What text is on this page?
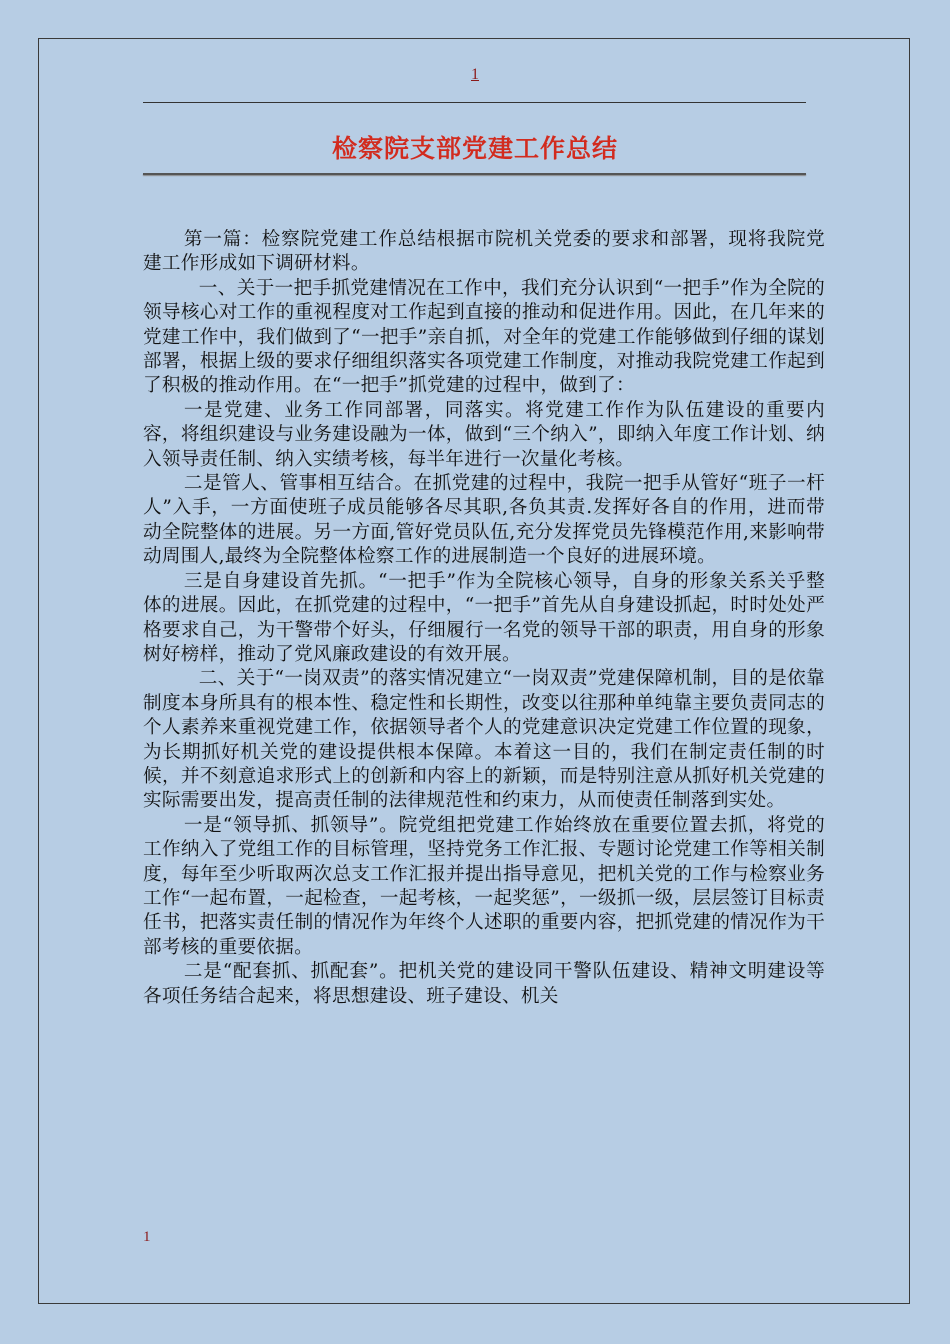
1
检察院支部党建工作总结

第一篇：检察院党建工作总结根据市院机关党委的要求和部署，现将我院党建工作形成如下调研材料。

一、关于一把手抓党建情况在工作中，我们充分认识到“一把手”作为全院的领导核心对工作的重视程度对工作起到直接的推动和促进作用。因此，在几年来的党建工作中，我们做到了“一把手”亲自抓，对全年的党建工作能够做到仔细的谋划部署，根据上级的要求仔细组织落实各项党建工作制度，对推动我院党建工作起到了积极的推动作用。在“一把手”抓党建的过程中，做到了：

一是党建、业务工作同部署，同落实。将党建工作作为队伍建设的重要内容，将组织建设与业务建设融为一体，做到“三个纳入”，即纳入年度工作计划、纳入领导责任制、纳入实绩考核，每半年进行一次量化考核。

二是管人、管事相互结合。在抓党建的过程中，我院一把手从管好“班子一杆人”入手，一方面使班子成员能够各尽其职,各负其责.发挥好各自的作用，进而带动全院整体的进展。另一方面,管好党员队伍,充分发挥党员先锋模范作用,来影响带动周围人,最终为全院整体检察工作的进展制造一个良好的进展环境。

三是自身建设首先抓。“一把手”作为全院核心领导，自身的形象关系关乎整体的进展。因此，在抓党建的过程中，“一把手”首先从自身建设抓起，时时处处严格要求自己，为干警带个好头，仔细履行一名党的领导干部的职责，用自身的形象树好榜样，推动了党风廉政建设的有效开展。

二、关于“一岗双责”的落实情况建立“一岗双责”党建保障机制，目的是依靠制度本身所具有的根本性、稳定性和长期性，改变以往那种单纯靠主要负责同志的个人素养来重视党建工作，依据领导者个人的党建意识决定党建工作位置的现象，为长期抓好机关党的建设提供根本保障。本着这一目的，我们在制定责任制的时候，并不刻意追求形式上的创新和内容上的新颖，而是特别注意从抓好机关党建的实际需要出发，提高责任制的法律规范性和约束力，从而使责任制落到实处。

一是“领导抓、抓领导”。院党组把党建工作始终放在重要位置去抓，将党的工作纳入了党组工作的目标管理，坚持党务工作汇报、专题讨论党建工作等相关制度，每年至少听取两次总支工作汇报并提出指导意见，把机关党的工作与检察业务工作“一起布置，一起检查，一起考核，一起奖惩”，一级抓一级，层层签订目标责任书，把落实责任制的情况作为年终个人述职的重要内容，把抓党建的情况作为干部考核的重要依据。

二是“配套抓、抓配套”。把机关党的建设同干警队伍建设、精神文明建设等各项任务结合起来，将思想建设、班子建设、机关

1
